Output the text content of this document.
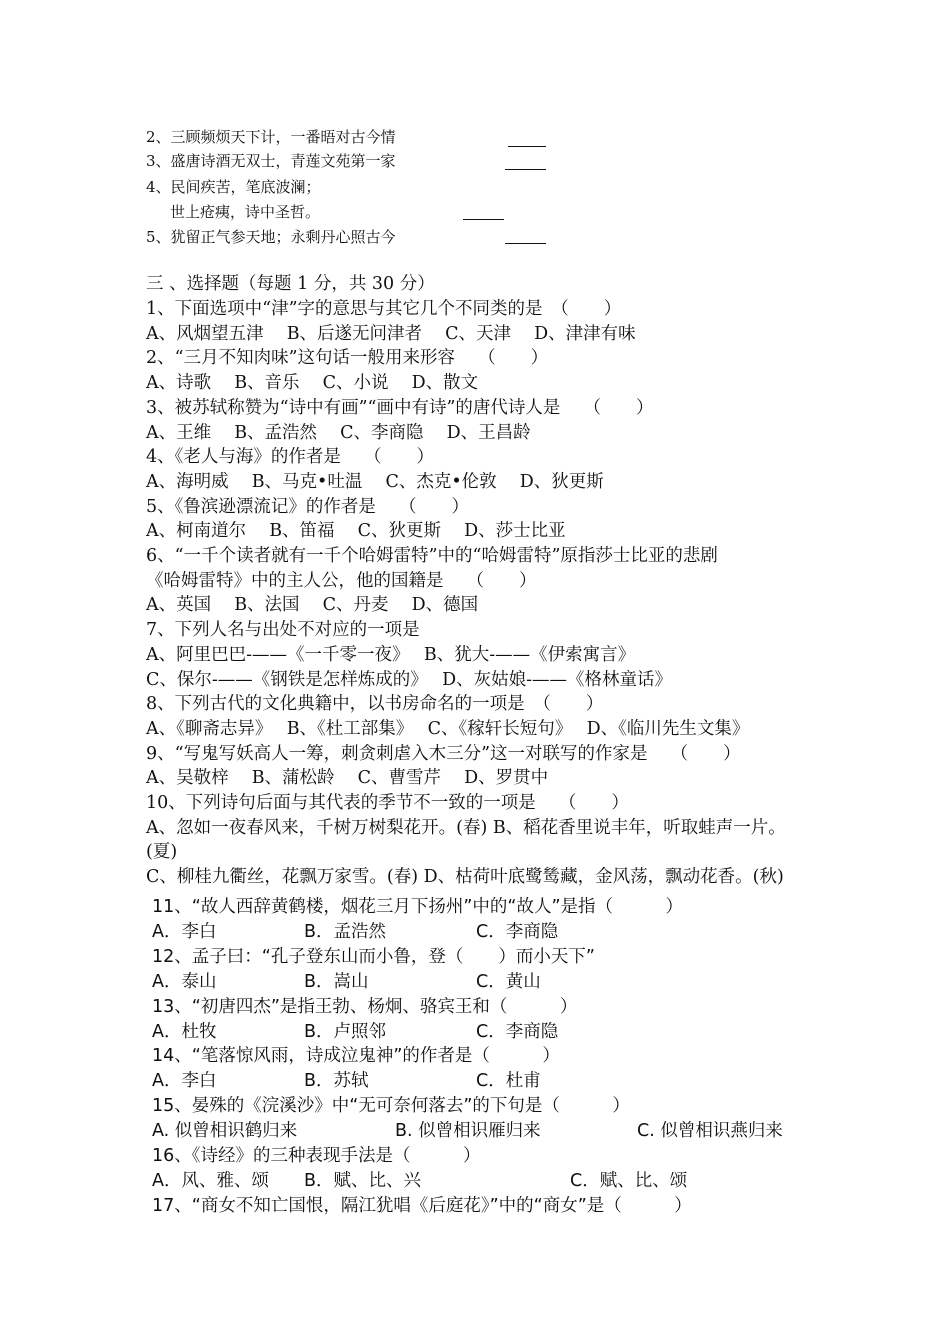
2、三顾频烦天下计，一番晤对古今情
3、盛唐诗酒无双士，青莲文苑第一家
4、民间疾苦，笔底波澜；
世上疮痍，诗中圣哲。
5、犹留正气参天地；永剩丹心照古今
三 、选择题（每题 1 分，共 30 分）
1、下面选项中“津”字的意思与其它几个不同类的是　（　　）
A、风烟望五津　 B、后遂无问津者　 C、天津　 D、津津有味
2、“三月不知肉味”这句话一般用来形容　 （　　）
A、诗歌　 B、音乐　 C、小说　 D、散文
3、被苏轼称赞为“诗中有画”“画中有诗”的唐代诗人是　 （　　）
A、王维　 B、孟浩然　 C、李商隐　 D、王昌龄
4、《老人与海》的作者是　 （　　）
A、海明威　 B、马克•吐温　 C、杰克•伦敦　 D、狄更斯
5、《鲁滨逊漂流记》的作者是　 （　　）
A、柯南道尔　 B、笛福　 C、狄更斯　 D、莎士比亚
6、“一千个读者就有一千个哈姆雷特”中的“哈姆雷特”原指莎士比亚的悲剧
《哈姆雷特》中的主人公，他的国籍是　 （　　）
A、英国　 B、法国　 C、丹麦　 D、德国
7、下列人名与出处不对应的一项是
A、阿里巴巴-——《一千零一夜》　 B、犹大-——《伊索寓言》
C、保尔-——《钢铁是怎样炼成的》　 D、灰姑娘-——《格林童话》
8、下列古代的文化典籍中，以书房命名的一项是　（　　）
A、《聊斋志异》　 B、《杜工部集》　 C、《稼轩长短句》　 D、《临川先生文集》
9、“写鬼写妖高人一筹，刺贪刺虐入木三分”这一对联写的作家是　 （　　）
A、吴敬梓　 B、蒲松龄　 C、曹雪芹　 D、罗贯中
10、下列诗句后面与其代表的季节不一致的一项是　 （　　）
A、忽如一夜春风来，千树万树梨花开。(春) B、稻花香里说丰年，听取蛙声一片。
(夏)
C、柳桂九衢丝，花飘万家雪。(春) D、枯荷叶底鹭鸶藏，金风荡，飘动花香。(秋)
11、“故人西辞黄鹤楼，烟花三月下扬州”中的“故人”是指（　　　）
A．李白	B．孟浩然	C．李商隐
12、孟子曰：“孔子登东山而小鲁，登（　　）而小天下”
A．泰山	B．嵩山	C．黄山
13、“初唐四杰”是指王勃、杨炯、骆宾王和（　　　）
A．杜牧	B．卢照邻	C．李商隐
14、“笔落惊风雨，诗成泣鬼神”的作者是（　　　）
A．李白	B．苏轼	C．杜甫
15、晏殊的《浣溪沙》中“无可奈何落去”的下句是（　　　）
A. 似曾相识鹤归来	B. 似曾相识雁归来	C. 似曾相识燕归来
16、《诗经》的三种表现手法是（　　　）
A．风、雅、颂 B．赋、比、兴	C．赋、比、颂
17、“商女不知亡国恨，隔江犹唱《后庭花》”中的“商女”是（　　　）
